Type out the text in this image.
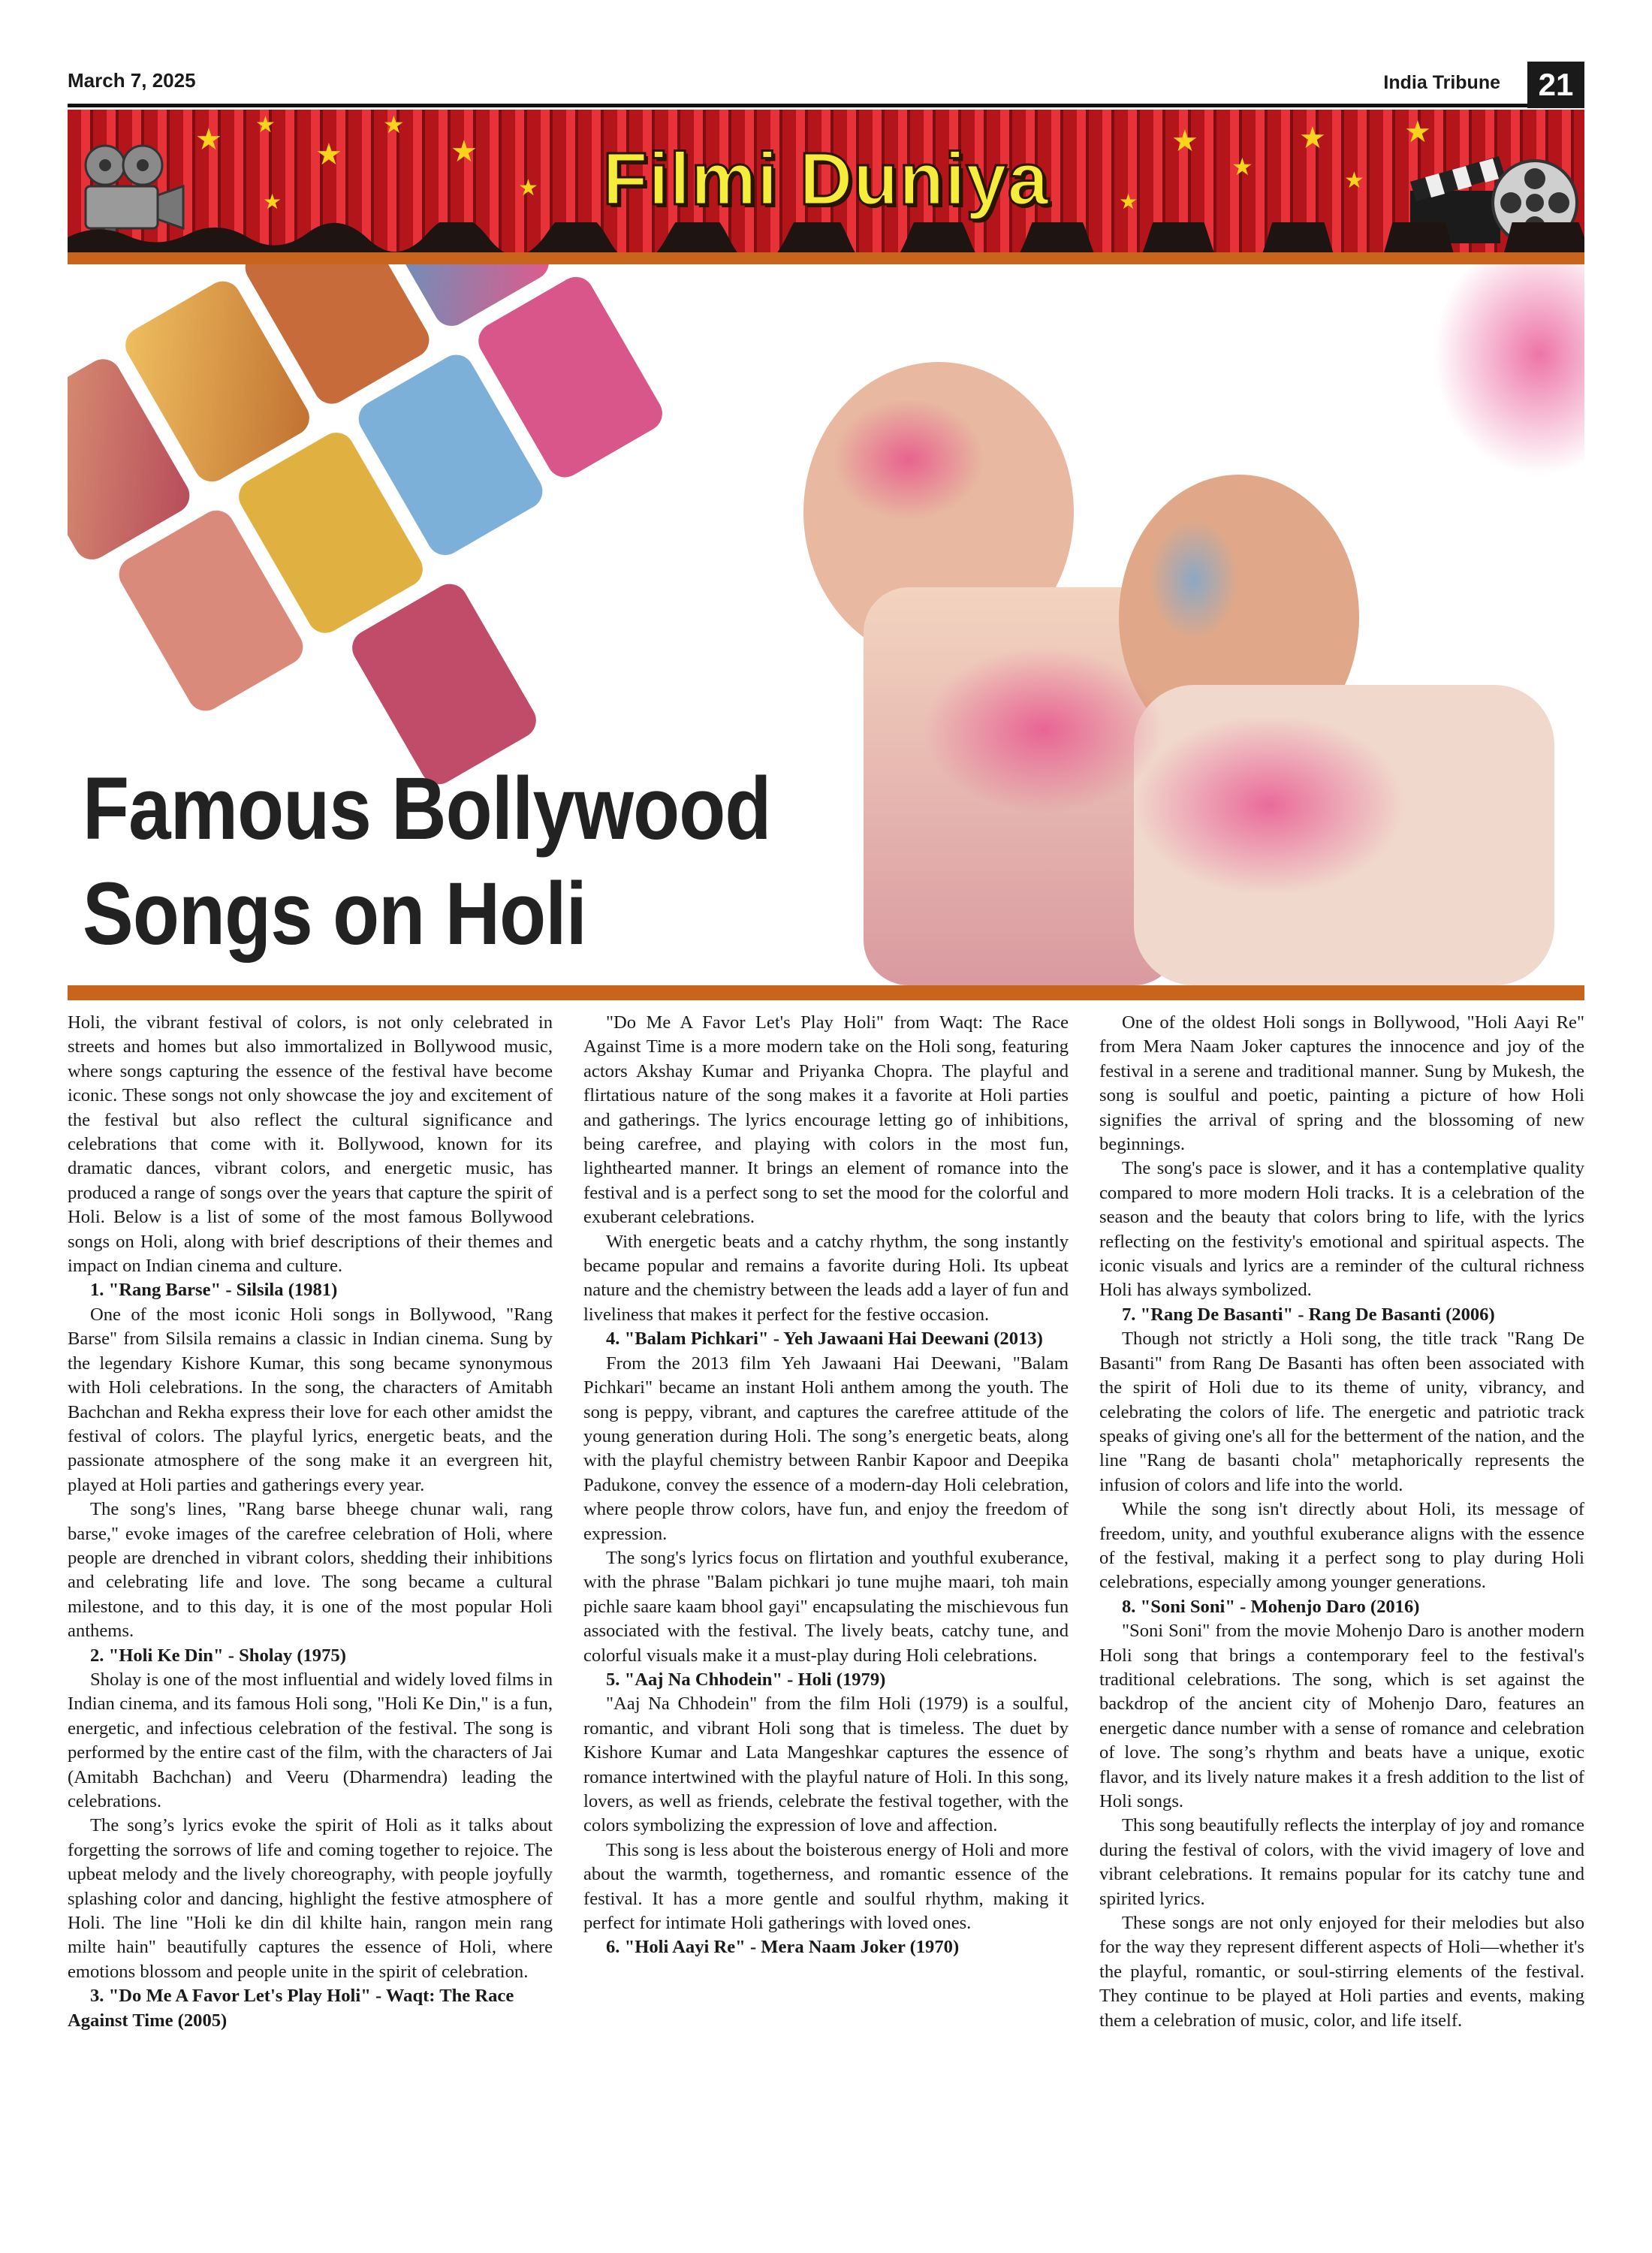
March 7, 2025	India Tribune	21
★ ★
★
★
★
★
★
★
★
★
★
★	★
Filmi Duniya
Famous Bollywood
Songs on Holi

Holi, the vibrant festival of colors, is not only celebrated in streets and homes but also immortalized in Bollywood music, where songs capturing the essence of the festival have become iconic. These songs not only showcase the joy and excitement of the festival but also reflect the cultural significance and celebrations that come with it. Bollywood, known for its dramatic dances, vibrant colors, and energetic music, has produced a range of songs over the years that capture the spirit of Holi. Below is a list of some of the most famous Bollywood songs on Holi, along with brief descriptions of their themes and impact on Indian cinema and culture.

1. "Rang Barse" - Silsila (1981)

One of the most iconic Holi songs in Bollywood, "Rang Barse" from Silsila remains a classic in Indian cinema. Sung by the legendary Kishore Kumar, this song became synonymous with Holi celebrations. In the song, the characters of Amitabh Bachchan and Rekha express their love for each other amidst the festival of colors. The playful lyrics, energetic beats, and the passionate atmosphere of the song make it an evergreen hit, played at Holi parties and gatherings every year.

The song's lines, "Rang barse bheege chunar wali, rang barse," evoke images of the carefree celebration of Holi, where people are drenched in vibrant colors, shedding their inhibitions and celebrating life and love. The song became a cultural milestone, and to this day, it is one of the most popular Holi anthems.

2. "Holi Ke Din" - Sholay (1975)

Sholay is one of the most influential and widely loved films in Indian cinema, and its famous Holi song, "Holi Ke Din," is a fun, energetic, and infectious celebration of the festival. The song is performed by the entire cast of the film, with the characters of Jai (Amitabh Bachchan) and Veeru (Dharmendra) leading the celebrations.

The song’s lyrics evoke the spirit of Holi as it talks about forgetting the sorrows of life and coming together to rejoice. The upbeat melody and the lively choreography, with people joyfully splashing color and dancing, highlight the festive atmosphere of Holi. The line "Holi ke din dil khilte hain, rangon mein rang milte hain" beautifully captures the essence of Holi, where emotions blossom and people unite in the spirit of celebration.

3. "Do Me A Favor Let's Play Holi" - Waqt: The Race Against Time (2005)

"Do Me A Favor Let's Play Holi" from Waqt: The Race Against Time is a more modern take on the Holi song, featuring actors Akshay Kumar and Priyanka Chopra. The playful and flirtatious nature of the song makes it a favorite at Holi parties and gatherings. The lyrics encourage letting go of inhibitions, being carefree, and playing with colors in the most fun, lighthearted manner. It brings an element of romance into the festival and is a perfect song to set the mood for the colorful and exuberant celebrations.

With energetic beats and a catchy rhythm, the song instantly became popular and remains a favorite during Holi. Its upbeat nature and the chemistry between the leads add a layer of fun and liveliness that makes it perfect for the festive occasion.

4. "Balam Pichkari" - Yeh Jawaani Hai Deewani (2013)

From the 2013 film Yeh Jawaani Hai Deewani, "Balam Pichkari" became an instant Holi anthem among the youth. The song is peppy, vibrant, and captures the carefree attitude of the young generation during Holi. The song’s energetic beats, along with the playful chemistry between Ranbir Kapoor and Deepika Padukone, convey the essence of a modern-day Holi celebration, where people throw colors, have fun, and enjoy the freedom of expression.

The song's lyrics focus on flirtation and youthful exuberance, with the phrase "Balam pichkari jo tune mujhe maari, toh main pichle saare kaam bhool gayi" encapsulating the mischievous fun associated with the festival. The lively beats, catchy tune, and colorful visuals make it a must-play during Holi celebrations.

5. "Aaj Na Chhodein" - Holi (1979)

"Aaj Na Chhodein" from the film Holi (1979) is a soulful, romantic, and vibrant Holi song that is timeless. The duet by Kishore Kumar and Lata Mangeshkar captures the essence of romance intertwined with the playful nature of Holi. In this song, lovers, as well as friends, celebrate the festival together, with the colors symbolizing the expression of love and affection.

This song is less about the boisterous energy of Holi and more about the warmth, togetherness, and romantic essence of the festival. It has a more gentle and soulful rhythm, making it perfect for intimate Holi gatherings with loved ones.

6. "Holi Aayi Re" - Mera Naam Joker (1970)

One of the oldest Holi songs in Bollywood, "Holi Aayi Re" from Mera Naam Joker captures the innocence and joy of the festival in a serene and traditional manner. Sung by Mukesh, the song is soulful and poetic, painting a picture of how Holi signifies the arrival of spring and the blossoming of new beginnings.

The song's pace is slower, and it has a contemplative quality compared to more modern Holi tracks. It is a celebration of the season and the beauty that colors bring to life, with the lyrics reflecting on the festivity's emotional and spiritual aspects. The iconic visuals and lyrics are a reminder of the cultural richness Holi has always symbolized.

7. "Rang De Basanti" - Rang De Basanti (2006)

Though not strictly a Holi song, the title track "Rang De Basanti" from Rang De Basanti has often been associated with the spirit of Holi due to its theme of unity, vibrancy, and celebrating the colors of life. The energetic and patriotic track speaks of giving one's all for the betterment of the nation, and the line "Rang de basanti chola" metaphorically represents the infusion of colors and life into the world.

While the song isn't directly about Holi, its message of freedom, unity, and youthful exuberance aligns with the essence of the festival, making it a perfect song to play during Holi celebrations, especially among younger generations.

8. "Soni Soni" - Mohenjo Daro (2016)

"Soni Soni" from the movie Mohenjo Daro is another modern Holi song that brings a contemporary feel to the festival's traditional celebrations. The song, which is set against the backdrop of the ancient city of Mohenjo Daro, features an energetic dance number with a sense of romance and celebration of love. The song’s rhythm and beats have a unique, exotic flavor, and its lively nature makes it a fresh addition to the list of Holi songs.

This song beautifully reflects the interplay of joy and romance during the festival of colors, with the vivid imagery of love and vibrant celebrations. It remains popular for its catchy tune and spirited lyrics.

These songs are not only enjoyed for their melodies but also for the way they represent different aspects of Holi—whether it's the playful, romantic, or soul-stirring elements of the festival. They continue to be played at Holi parties and events, making them a celebration of music, color, and life itself.
